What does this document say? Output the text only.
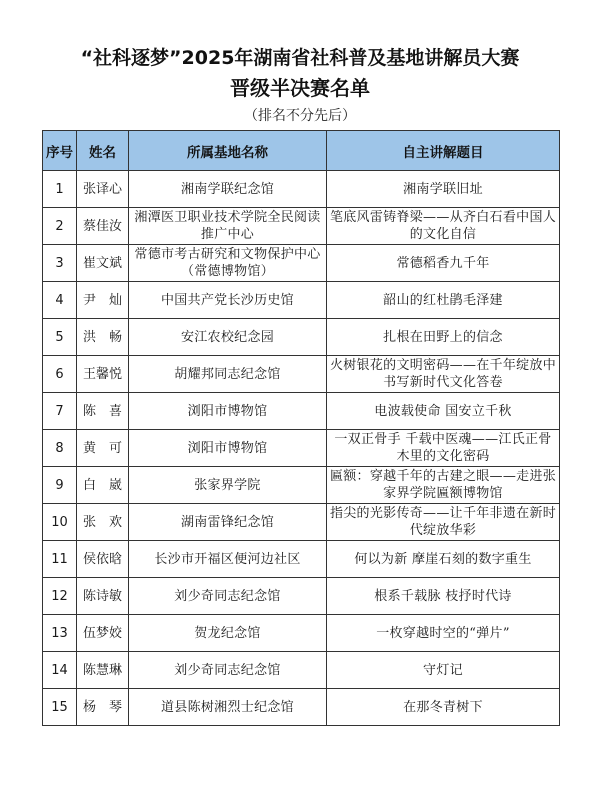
“社科逐梦”2025年湖南省社科普及基地讲解员大赛
晋级半决赛名单
（排名不分先后）
序号	姓名	所属基地名称	自主讲解题目
1	张译心	湘南学联纪念馆	湘南学联旧址
2	蔡佳汝	湘潭医卫职业技术学院全民阅读推广中心	笔底风雷铸脊梁——从齐白石看中国人的文化自信
3	崔文斌	常德市考古研究和文物保护中心（常德博物馆）	常德稻香九千年
4	尹　灿	中国共产党长沙历史馆	韶山的红杜鹃毛泽建
5	洪　畅	安江农校纪念园	扎根在田野上的信念
6	王馨悦	胡耀邦同志纪念馆	火树银花的文明密码——在千年绽放中书写新时代文化答卷
7	陈　喜	浏阳市博物馆	电波载使命 国安立千秋
8	黄　可	浏阳市博物馆	一双正骨手 千载中医魂——江氏正骨木里的文化密码
9	白　崴	张家界学院	匾额：穿越千年的古建之眼——走进张家界学院匾额博物馆
10	张　欢	湖南雷锋纪念馆	指尖的光影传奇——让千年非遗在新时代绽放华彩
11	侯依晗	长沙市开福区便河边社区	何以为新 摩崖石刻的数字重生
12	陈诗敏	刘少奇同志纪念馆	根系千载脉 枝抒时代诗
13	伍梦姣	贺龙纪念馆	一枚穿越时空的“弹片”
14	陈慧琳	刘少奇同志纪念馆	守灯记
15	杨　琴	道县陈树湘烈士纪念馆	在那冬青树下
